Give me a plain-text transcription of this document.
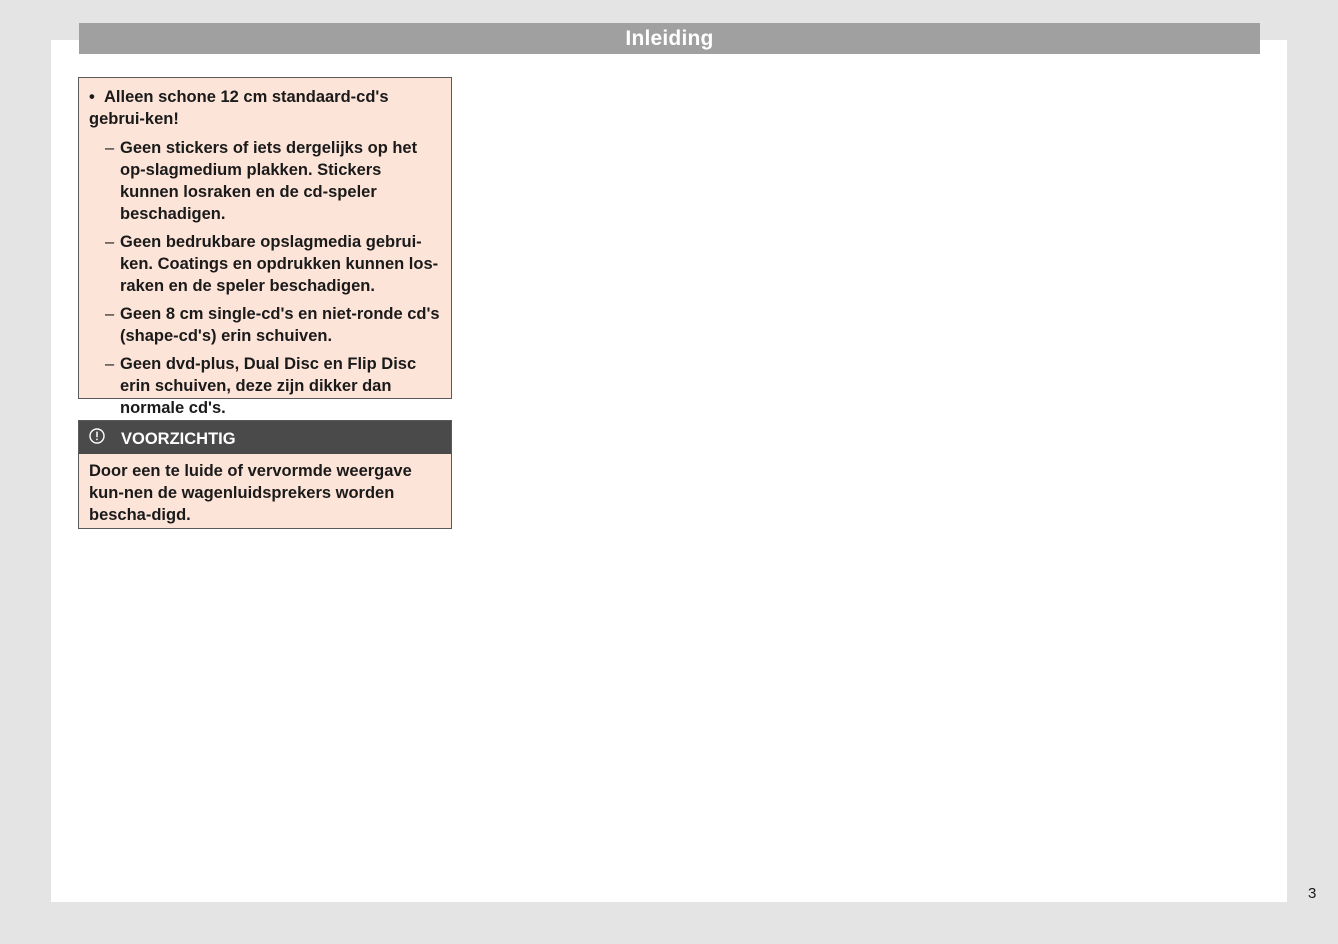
Inleiding

• Alleen schone 12 cm standaard-cd's gebrui-ken!

– Geen stickers of iets dergelijks op het op-slagmedium plakken. Stickers kunnen losraken en de cd-speler beschadigen.
– Geen bedrukbare opslagmedia gebrui-ken. Coatings en opdrukken kunnen los-raken en de speler beschadigen.
– Geen 8 cm single-cd's en niet-ronde cd's (shape-cd's) erin schuiven.
– Geen dvd-plus, Dual Disc en Flip Disc erin schuiven, deze zijn dikker dan normale cd's.
VOORZICHTIG
Door een te luide of vervormde weergave kun-nen de wagenluidsprekers worden bescha-digd.
3
